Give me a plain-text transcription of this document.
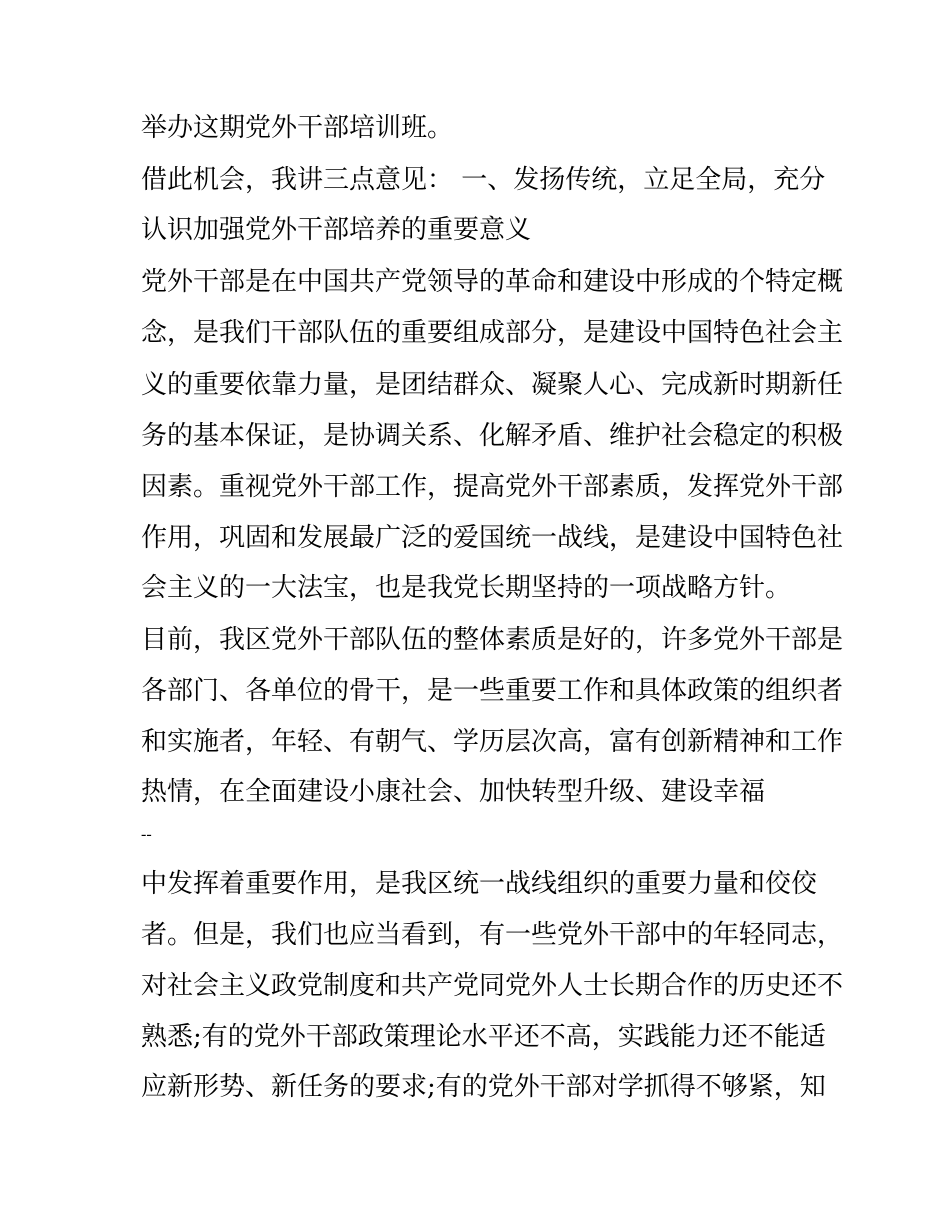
举办这期党外干部培训班。
借此机会，我讲三点意见： 一、发扬传统，立足全局，充分
认识加强党外干部培养的重要意义
党外干部是在中国共产党领导的革命和建设中形成的个特定概
念，是我们干部队伍的重要组成部分，是建设中国特色社会主
义的重要依靠力量，是团结群众、凝聚人心、完成新时期新任
务的基本保证，是协调关系、化解矛盾、维护社会稳定的积极
因素。重视党外干部工作，提高党外干部素质，发挥党外干部
作用，巩固和发展最广泛的爱国统一战线，是建设中国特色社
会主义的一大法宝，也是我党长期坚持的一项战略方针。
目前，我区党外干部队伍的整体素质是好的，许多党外干部是
各部门、各单位的骨干，是一些重要工作和具体政策的组织者
和实施者，年轻、有朝气、学历层次高，富有创新精神和工作
热情，在全面建设小康社会、加快转型升级、建设幸福
--
中发挥着重要作用，是我区统一战线组织的重要力量和佼佼
者。但是，我们也应当看到，有一些党外干部中的年轻同志，
对社会主义政党制度和共产党同党外人士长期合作的历史还不
熟悉;有的党外干部政策理论水平还不高，实践能力还不能适
应新形势、新任务的要求;有的党外干部对学抓得不够紧，知
